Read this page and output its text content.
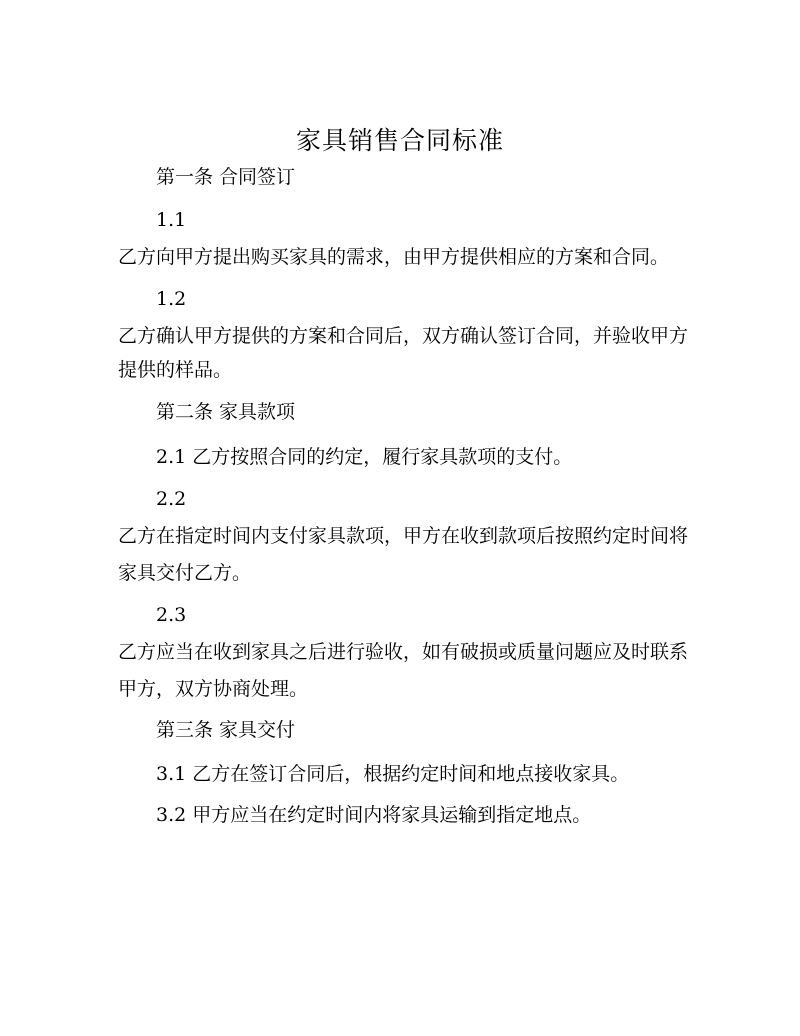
家具销售合同标准
第一条 合同签订
1.1
乙方向甲方提出购买家具的需求，由甲方提供相应的方案和合同。
1.2
乙方确认甲方提供的方案和合同后，双方确认签订合同，并验收甲方
提供的样品。
第二条 家具款项
2.1 乙方按照合同的约定，履行家具款项的支付。
2.2
乙方在指定时间内支付家具款项，甲方在收到款项后按照约定时间将
家具交付乙方。
2.3
乙方应当在收到家具之后进行验收，如有破损或质量问题应及时联系
甲方，双方协商处理。
第三条 家具交付
3.1 乙方在签订合同后，根据约定时间和地点接收家具。
3.2 甲方应当在约定时间内将家具运输到指定地点。
